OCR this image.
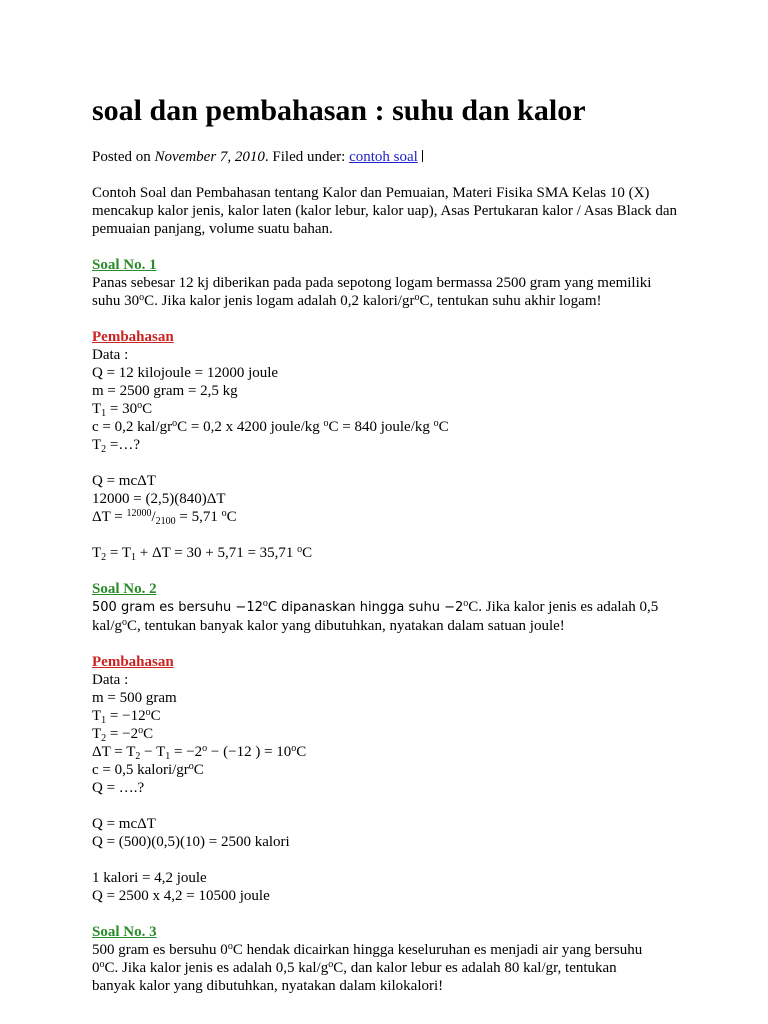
soal dan pembahasan : suhu dan kalor
Posted on November 7, 2010. Filed under: contoh soal
Contoh Soal dan Pembahasan tentang Kalor dan Pemuaian, Materi Fisika SMA Kelas 10 (X) mencakup kalor jenis, kalor laten (kalor lebur, kalor uap), Asas Pertukaran kalor / Asas Black dan pemuaian panjang, volume suatu bahan.
Soal No. 1
Panas sebesar 12 kj diberikan pada pada sepotong logam bermassa 2500 gram yang memiliki
suhu 30$^o$C. Jika kalor jenis logam adalah 0,2 kalori/$gr^oC$, tentukan suhu akhir logam!
Pembahasan
Data :
Q = 12 kilojoule = 12000 joule
m = 2500 gram = 2,5 kg
$T_1 = 30^oC$
c = 0,2 kal/$gr^oC = 0,2$ x 4200 joule/kg $^o$C = 840 joule/kg $^o$C
$T_2$ =…?
Q = mcΔT
12000 = (2,5)(840)ΔT
$\Delta T = ^{12000}/_{2100} = 5,71$ $^o$C
$T_2 = T_1 + \Delta T = 30 + 5,71 = 35,71$ $^o$C
Soal No. 2
500 gram es bersuhu $-12^oC$ dipanaskan hingga suhu $-2^oC$. Jika kalor jenis es adalah 0,5
kal/$g^oC$, tentukan banyak kalor yang dibutuhkan, nyatakan dalam satuan joule!
Pembahasan
Data :
m = 500 gram
$T_1 = -12^oC$
$T_2 = -2^oC$
$\Delta T = T_2 - T_1 = -2^o - (-12$ ) = $10^oC$
c = 0,5 kalori/$gr^oC$
Q = ….?
Q = mcΔT
Q = (500)(0,5)(10) = 2500 kalori
1 kalori = 4,2 joule
Q = 2500 x 4,2 = 10500 joule
Soal No. 3
500 gram es bersuhu 0$^o$C hendak dicairkan hingga keseluruhan es menjadi air yang bersuhu
0$^o$C. Jika kalor jenis es adalah 0,5 kal/$g^oC$, dan kalor lebur es adalah 80 kal/gr, tentukan
banyak kalor yang dibutuhkan, nyatakan dalam kilokalori!
